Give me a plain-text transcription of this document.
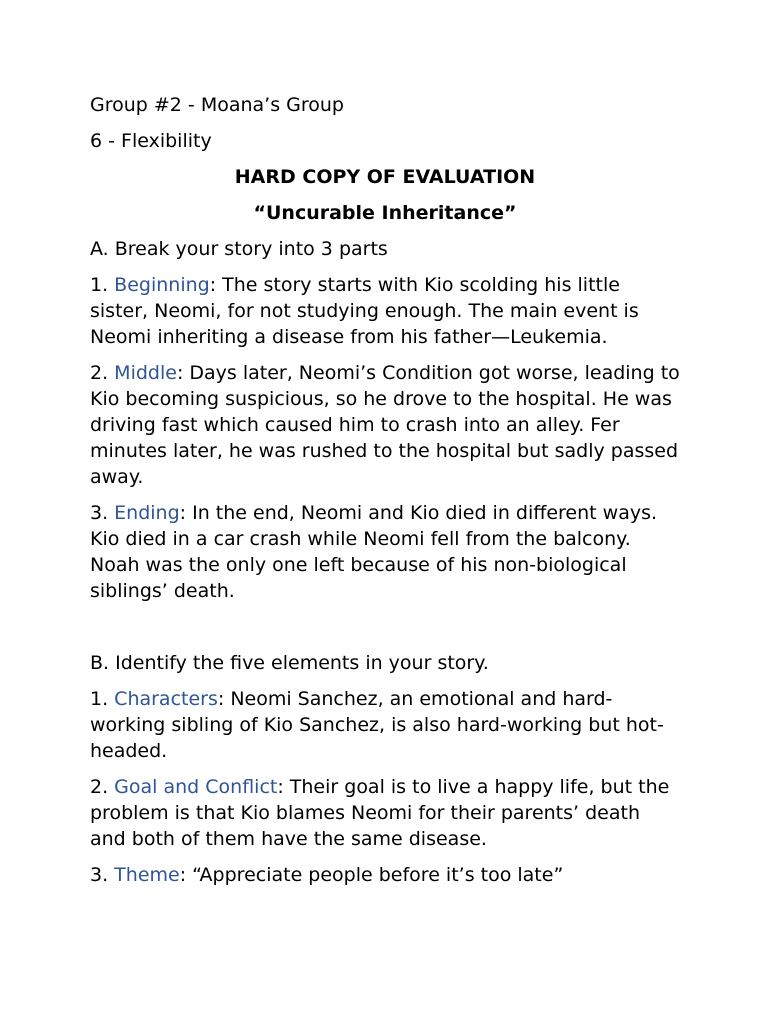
Group #2 - Moana’s Group

6 - Flexibility

HARD COPY OF EVALUATION

“Uncurable Inheritance”

A. Break your story into 3 parts

1. Beginning: The story starts with Kio scolding his little sister, Neomi, for not studying enough. The main event is Neomi inheriting a disease from his father—Leukemia.

2. Middle: Days later, Neomi’s Condition got worse, leading to Kio becoming suspicious, so he drove to the hospital. He was driving fast which caused him to crash into an alley. Fer minutes later, he was rushed to the hospital but sadly passed away.

3. Ending: In the end, Neomi and Kio died in different ways. Kio died in a car crash while Neomi fell from the balcony. Noah was the only one left because of his non-biological siblings’ death.

B. Identify the five elements in your story.

1. Characters: Neomi Sanchez, an emotional and hard-working sibling of Kio Sanchez, is also hard-working but hot-headed.

2. Goal and Conflict: Their goal is to live a happy life, but the problem is that Kio blames Neomi for their parents’ death and both of them have the same disease.

3. Theme: “Appreciate people before it’s too late”
